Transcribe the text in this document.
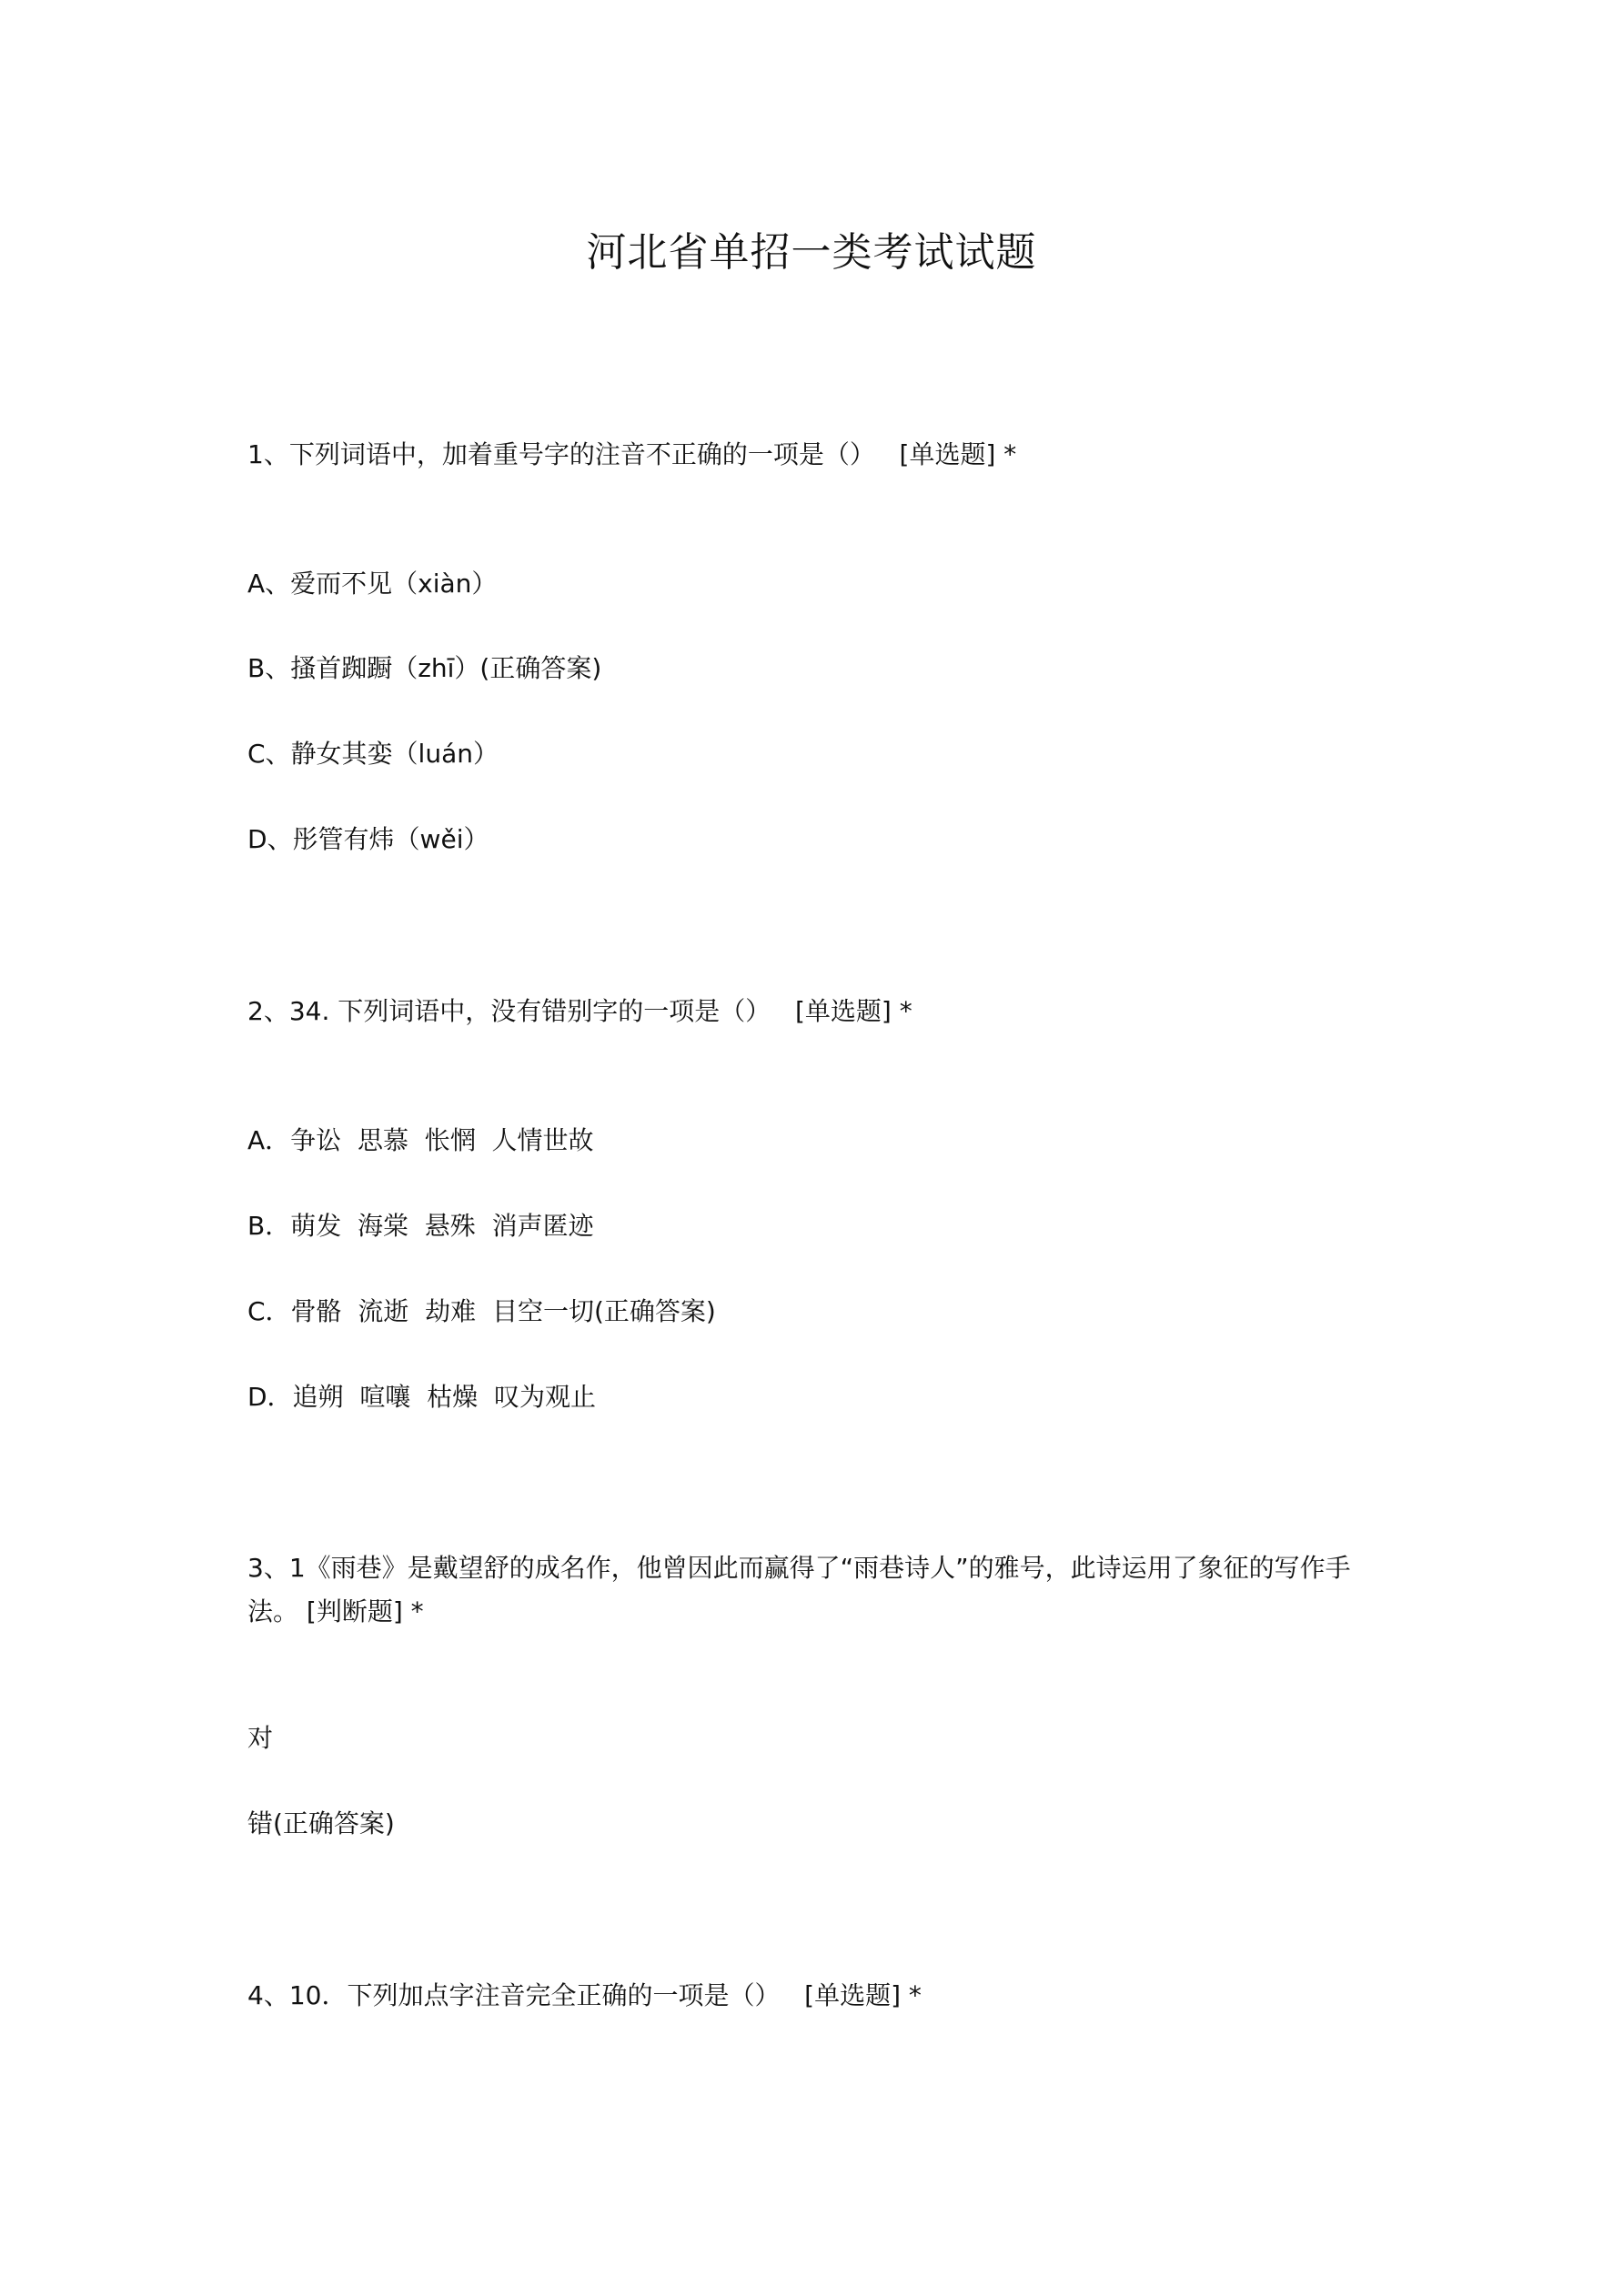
河北省单招一类考试试题
1、下列词语中，加着重号字的注音不正确的一项是（）   [单选题] *
A、爱而不见（xiàn）
B、搔首踟蹰（zhī）(正确答案)
C、静女其娈（luán）
D、彤管有炜（wěi）
2、34. 下列词语中，没有错别字的一项是（）   [单选题] *
A．争讼  思慕  怅惘  人情世故
B．萌发  海棠  悬殊  消声匿迹
C．骨骼  流逝  劫难  目空一切(正确答案)
D．追朔  喧嚷  枯燥  叹为观止
3、1《雨巷》是戴望舒的成名作，他曾因此而赢得了“雨巷诗人”的雅号，此诗运用了象征的写作手法。 [判断题] *
对
错(正确答案)
4、10．下列加点字注音完全正确的一项是（）   [单选题] *
